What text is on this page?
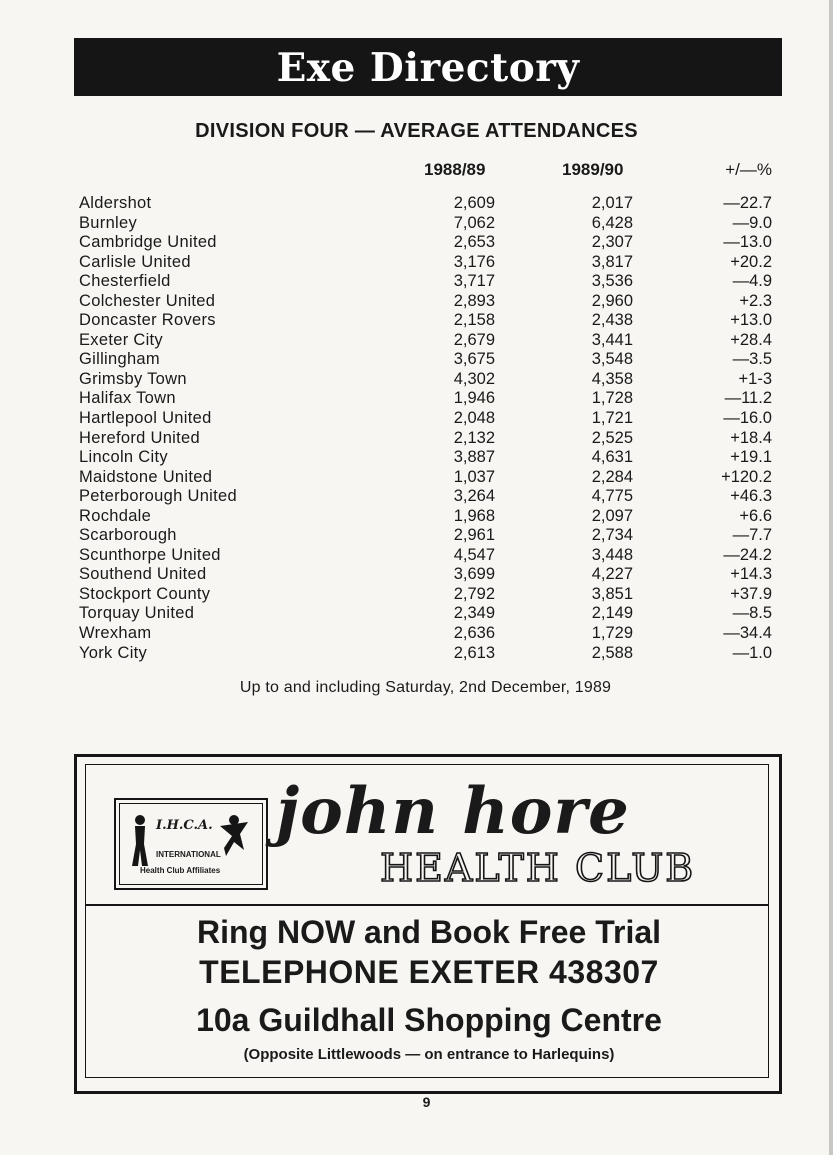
Exe Directory
DIVISION FOUR — AVERAGE ATTENDANCES
1988/89	1989/90	+/—%
Aldershot	2,609	2,017	—22.7
Burnley	7,062	6,428	—9.0
Cambridge United	2,653	2,307	—13.0
Carlisle United	3,176	3,817	+20.2
Chesterfield	3,717	3,536	—4.9
Colchester United	2,893	2,960	+2.3
Doncaster Rovers	2,158	2,438	+13.0
Exeter City	2,679	3,441	+28.4
Gillingham	3,675	3,548	—3.5
Grimsby Town	4,302	4,358	+1-3
Halifax Town	1,946	1,728	—11.2
Hartlepool United	2,048	1,721	—16.0
Hereford United	2,132	2,525	+18.4
Lincoln City	3,887	4,631	+19.1
Maidstone United	1,037	2,284	+120.2
Peterborough United	3,264	4,775	+46.3
Rochdale	1,968	2,097	+6.6
Scarborough	2,961	2,734	—7.7
Scunthorpe United	4,547	3,448	—24.2
Southend United	3,699	4,227	+14.3
Stockport County	2,792	3,851	+37.9
Torquay United	2,349	2,149	—8.5
Wrexham	2,636	1,729	—34.4
York City	2,613	2,588	—1.0
Up to and including Saturday, 2nd December, 1989
I.H.C.A.
INTERNATIONAL
Health Club Affiliates
john hore
HEALTH CLUB
Ring NOW and Book Free Trial
TELEPHONE EXETER 438307
10a Guildhall Shopping Centre
(Opposite Littlewoods — on entrance to Harlequins)
9
